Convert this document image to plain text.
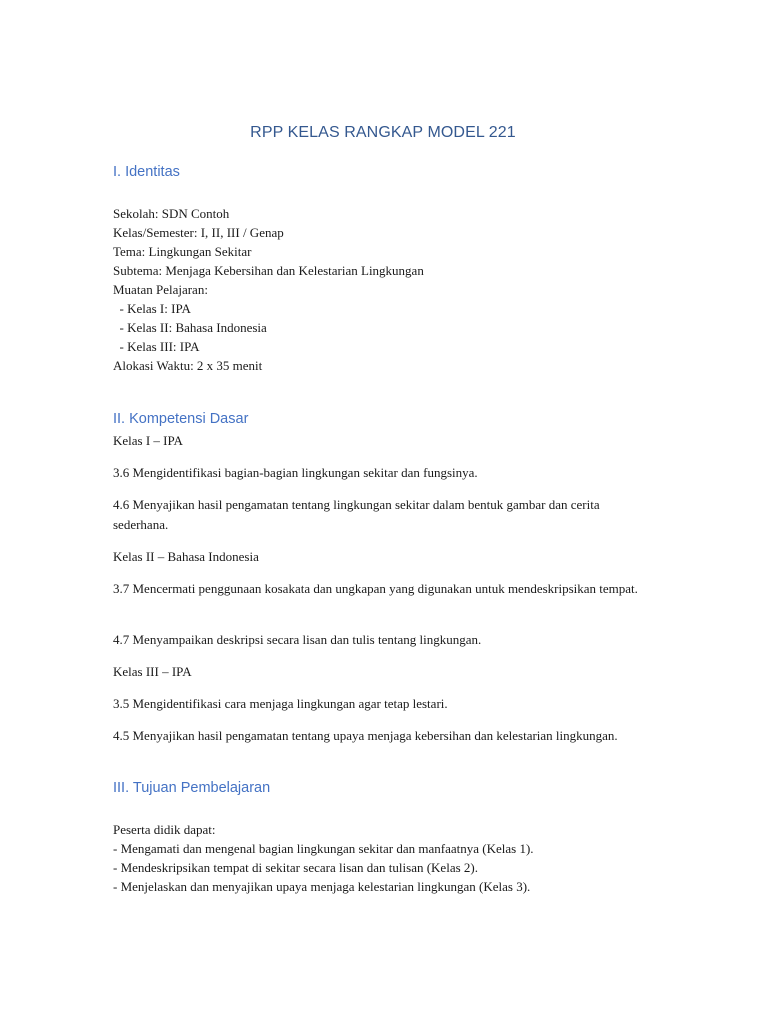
RPP KELAS RANGKAP MODEL 221
I. Identitas

Sekolah: SDN Contoh

Kelas/Semester: I, II, III / Genap

Tema: Lingkungan Sekitar

Subtema: Menjaga Kebersihan dan Kelestarian Lingkungan

Muatan Pelajaran:

- Kelas I: IPA

- Kelas II: Bahasa Indonesia

- Kelas III: IPA

Alokasi Waktu: 2 x 35 menit

II. Kompetensi Dasar

Kelas I – IPA

3.6 Mengidentifikasi bagian-bagian lingkungan sekitar dan fungsinya.

4.6 Menyajikan hasil pengamatan tentang lingkungan sekitar dalam bentuk gambar dan cerita sederhana.

Kelas II – Bahasa Indonesia

3.7 Mencermati penggunaan kosakata dan ungkapan yang digunakan untuk mendeskripsikan tempat.

4.7 Menyampaikan deskripsi secara lisan dan tulis tentang lingkungan.

Kelas III – IPA

3.5 Mengidentifikasi cara menjaga lingkungan agar tetap lestari.

4.5 Menyajikan hasil pengamatan tentang upaya menjaga kebersihan dan kelestarian lingkungan.

III. Tujuan Pembelajaran

Peserta didik dapat:

- Mengamati dan mengenal bagian lingkungan sekitar dan manfaatnya (Kelas 1).

- Mendeskripsikan tempat di sekitar secara lisan dan tulisan (Kelas 2).

- Menjelaskan dan menyajikan upaya menjaga kelestarian lingkungan (Kelas 3).
